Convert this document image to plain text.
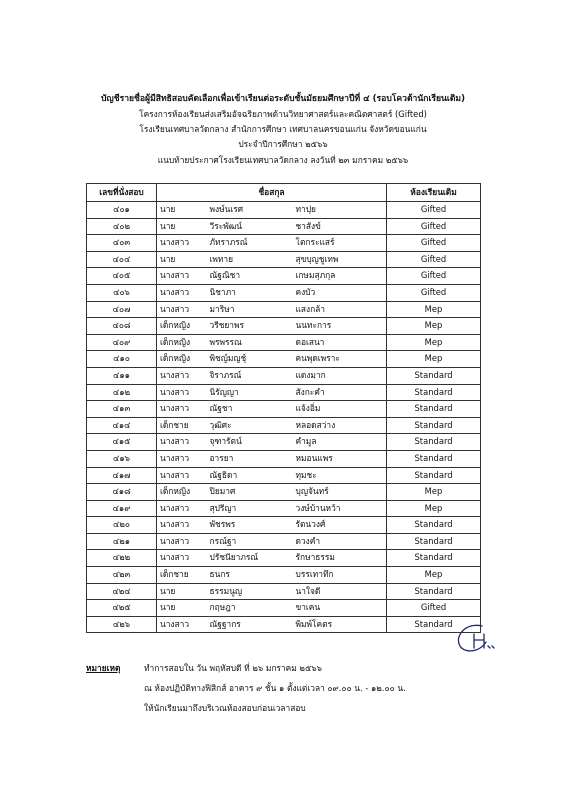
บัญชีรายชื่อผู้มีสิทธิสอบคัดเลือกเพื่อเข้าเรียนต่อระดับชั้นมัธยมศึกษาปีที่ ๔ (รอบโควต้านักเรียนเดิม)
โครงการห้องเรียนส่งเสริมอัจฉริยภาพด้านวิทยาศาสตร์และคณิตศาสตร์ (Gifted)
โรงเรียนเทศบาลวัดกลาง สำนักการศึกษา เทศบาลนครขอนแก่น จังหวัดขอนแก่น
ประจำปีการศึกษา ๒๕๖๖
แนบท้ายประกาศโรงเรียนเทศบาลวัดกลาง ลงวันที่ ๒๓ มกราคม ๒๕๖๖
เลขที่นั่งสอบ	ชื่อสกุล			ห้องเรียนเดิม
๔๐๑	นาย	พงษ์นเรศ	ทาปุย	Gifted
๔๐๒	นาย	วีระพัฒน์	ชาสังข์	Gifted
๔๐๓	นางสาว	ภัทราภรณ์	โตกระแสร์	Gifted
๔๐๔	นาย	เพทาย	สุขบุญชูเทพ	Gifted
๔๐๕	นางสาว	ณัฐณิชา	เกษมสุภกุล	Gifted
๔๐๖	นางสาว	นิชาภา	คงบัว	Gifted
๔๐๗	นางสาว	มาริษา	แสงกล้า	Mep
๔๐๘	เด็กหญิง	วรีชยาพร	นนทะการ	Mep
๔๐๙	เด็กหญิง	พรพรรณ	ดอเสนา	Mep
๔๑๐	เด็กหญิง	พิชญ์มญชุ์	คนพุดเพราะ	Mep
๔๑๑	นางสาว	จิราภรณ์	แดงมาก	Standard
๔๑๒	นางสาว	นิรัญญา	สังกะคำ	Standard
๔๑๓	นางสาว	ณัฐชา	แจ้งอิ่ม	Standard
๔๑๔	เด็กชาย	วุฒิศะ	หลอดสว่าง	Standard
๔๑๕	นางสาว	จุฑารัตน์	คำมูล	Standard
๔๑๖	นางสาว	อารยา	หมอนแพร	Standard
๔๑๗	นางสาว	ณัฐธิดา	ทุมชะ	Standard
๔๑๘	เด็กหญิง	ปิยมาศ	บุญจันทร์	Mep
๔๑๙	นางสาว	สุปรีญา	วงษ์บ้านหว้า	Mep
๔๒๐	นางสาว	พัชรพร	รัตนวงศ์	Standard
๔๒๑	นางสาว	กรณ์ฐา	ดวงคำ	Standard
๔๒๒	นางสาว	ปรัชนียาภรณ์	รักษาธรรม	Standard
๔๒๓	เด็กชาย	ธนกร	บรรเทาทึก	Mep
๔๒๔	นาย	ธรรมนูญ	นาใจดี	Standard
๔๒๕	นาย	กฤษฎา	ขาเคน	Gifted
๔๒๖	นางสาว	ณัฐฐากร	พิมพ์โคตร	Standard
หมายเหตุ	ทำการสอบใน วัน พฤหัสบดี ที่ ๒๖ มกราคม ๒๕๖๖
ณ ห้องปฏิบัติทางฟิสิกส์ อาคาร ๙ ชั้น ๑ ตั้งแต่เวลา ๐๙.๐๐ น. - ๑๒.๐๐ น.
ให้นักเรียนมาถึงบริเวณห้องสอบก่อนเวลาสอบ
